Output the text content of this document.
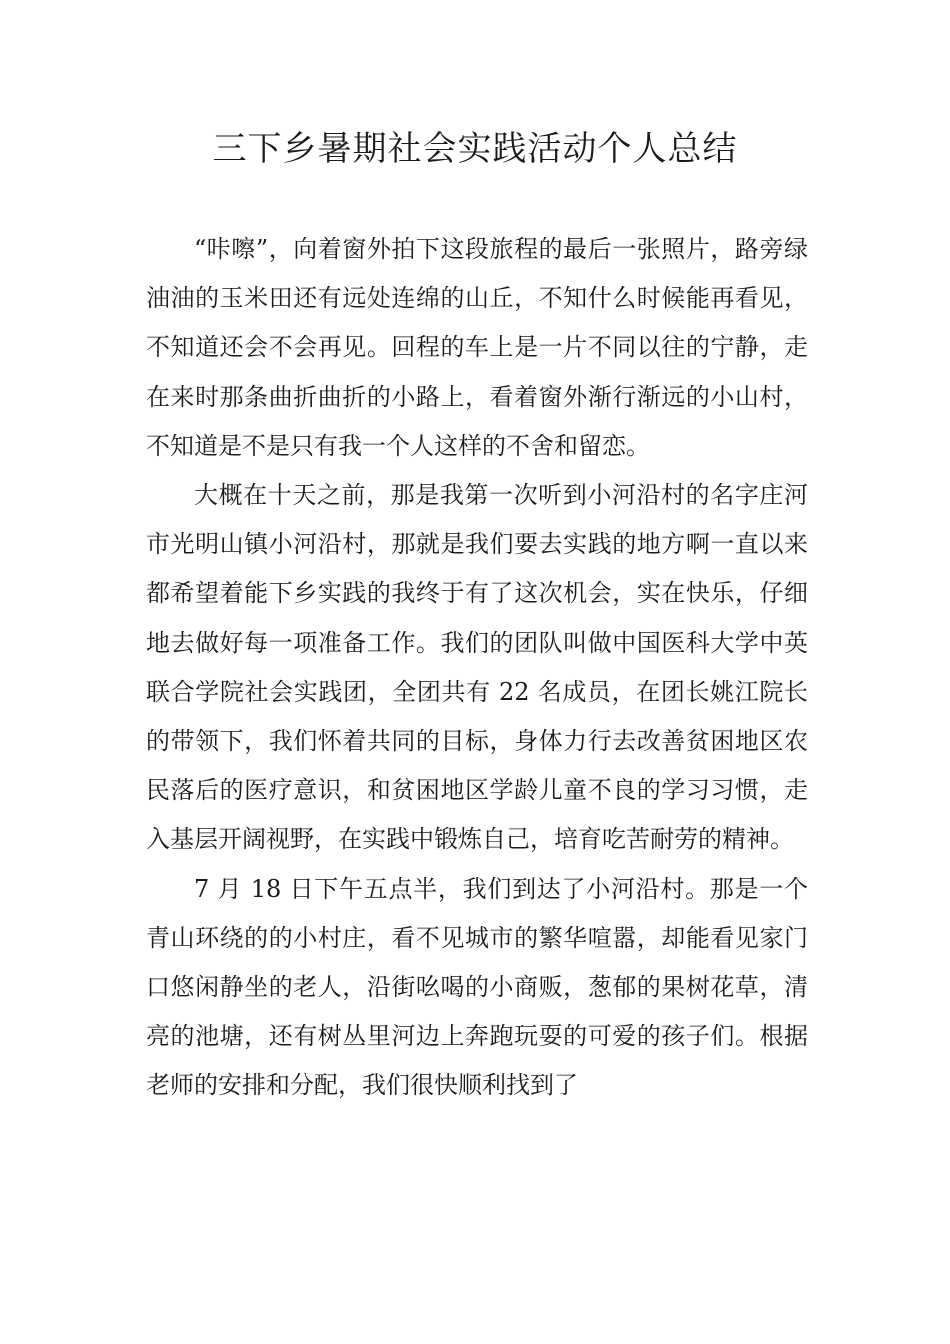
三下乡暑期社会实践活动个人总结

“咔嚓”，向着窗外拍下这段旅程的最后一张照片，路旁绿油油的玉米田还有远处连绵的山丘，不知什么时候能再看见，不知道还会不会再见。回程的车上是一片不同以往的宁静，走在来时那条曲折曲折的小路上，看着窗外渐行渐远的小山村，不知道是不是只有我一个人这样的不舍和留恋。

大概在十天之前，那是我第一次听到小河沿村的名字庄河市光明山镇小河沿村，那就是我们要去实践的地方啊一直以来都希望着能下乡实践的我终于有了这次机会，实在快乐，仔细地去做好每一项准备工作。我们的团队叫做中国医科大学中英联合学院社会实践团，全团共有 22 名成员，在团长姚江院长的带领下，我们怀着共同的目标，身体力行去改善贫困地区农民落后的医疗意识，和贫困地区学龄儿童不良的学习习惯，走入基层开阔视野，在实践中锻炼自己，培育吃苦耐劳的精神。

7 月 18 日下午五点半，我们到达了小河沿村。那是一个青山环绕的的小村庄，看不见城市的繁华喧嚣，却能看见家门口悠闲静坐的老人，沿街吆喝的小商贩，葱郁的果树花草，清亮的池塘，还有树丛里河边上奔跑玩耍的可爱的孩子们。根据老师的安排和分配，我们很快顺利找到了
